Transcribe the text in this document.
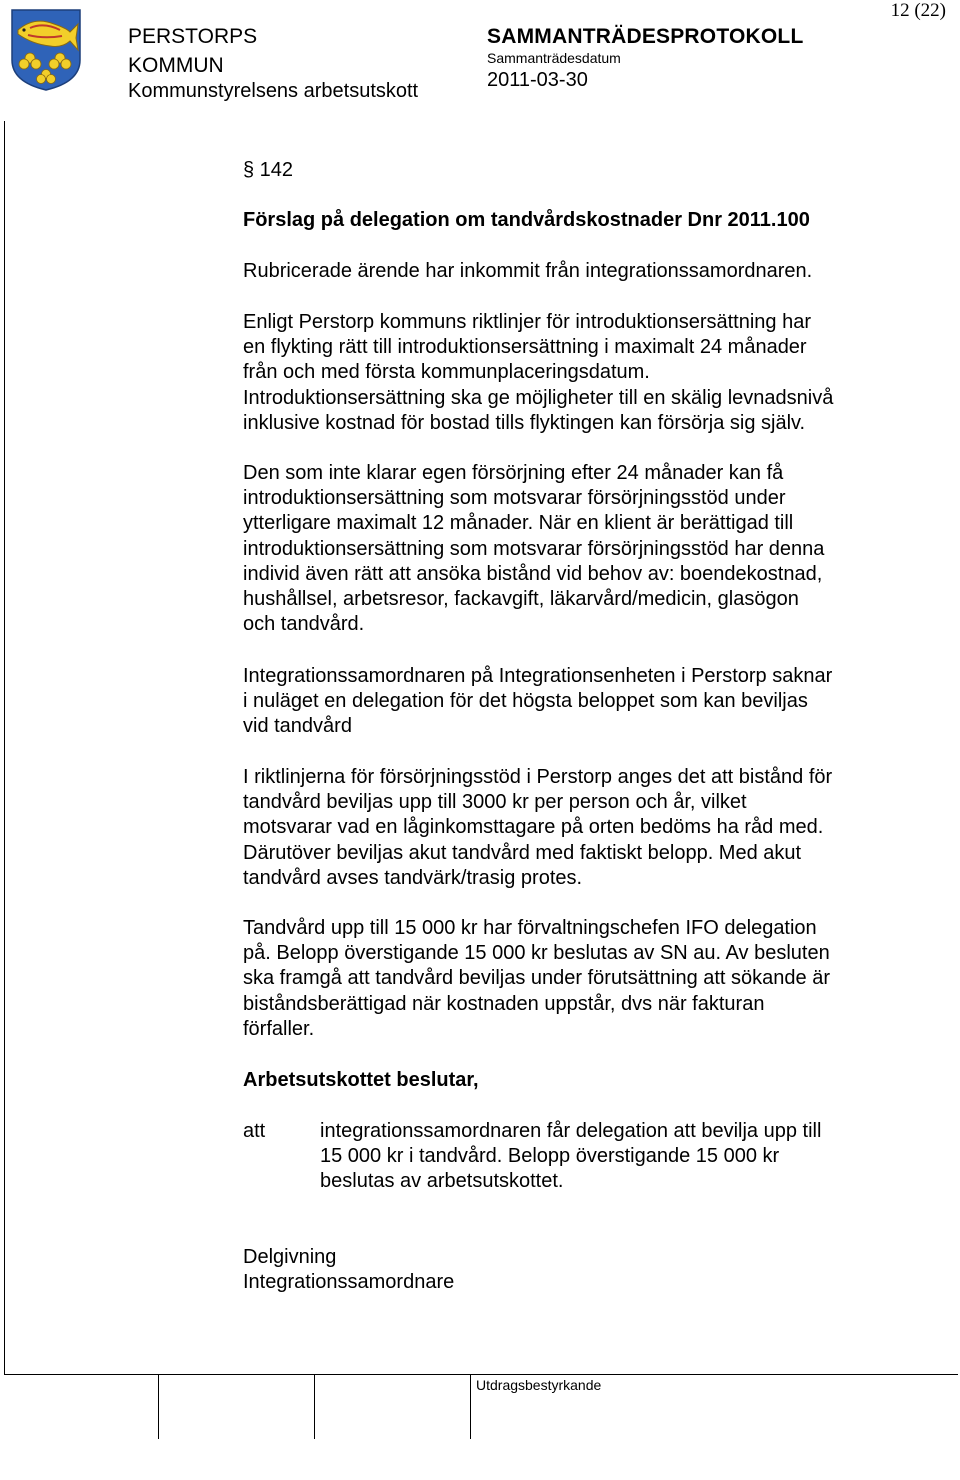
PERSTORPS
KOMMUN
Kommunstyrelsens arbetsutskott
SAMMANTRÄDESPROTOKOLL
Sammanträdesdatum
2011-03-30
12 (22)

§ 142

Förslag på delegation om tandvårdskostnader Dnr 2011.100

Rubricerade ärende har inkommit från integrationssamordnaren.

Enligt Perstorp kommuns riktlinjer för introduktionsersättning har
en flykting rätt till introduktionsersättning i maximalt 24 månader
från och med första kommunplaceringsdatum.
Introduktionsersättning ska ge möjligheter till en skälig levnadsnivå
inklusive kostnad för bostad tills flyktingen kan försörja sig själv.

Den som inte klarar egen försörjning efter 24 månader kan få
introduktionsersättning som motsvarar försörjningsstöd under
ytterligare maximalt 12 månader. När en klient är berättigad till
introduktionsersättning som motsvarar försörjningsstöd har denna
individ även rätt att ansöka bistånd vid behov av: boendekostnad,
hushållsel, arbetsresor, fackavgift, läkarvård/medicin, glasögon
och tandvård.

Integrationssamordnaren på Integrationsenheten i Perstorp saknar
i nuläget en delegation för det högsta beloppet som kan beviljas
vid tandvård

I riktlinjerna för försörjningsstöd i Perstorp anges det att bistånd för
tandvård beviljas upp till 3000 kr per person och år, vilket
motsvarar vad en låginkomsttagare på orten bedöms ha råd med.
Därutöver beviljas akut tandvård med faktiskt belopp. Med akut
tandvård avses tandvärk/trasig protes.

Tandvård upp till 15 000 kr har förvaltningschefen IFO delegation
på. Belopp överstigande 15 000 kr beslutas av SN au. Av besluten
ska framgå att tandvård beviljas under förutsättning att sökande är
biståndsberättigad när kostnaden uppstår, dvs när fakturan
förfaller.

Arbetsutskottet beslutar,

att	integrationssamordnaren får delegation att bevilja upp till
15 000 kr i tandvård. Belopp överstigande 15 000 kr
beslutas av arbetsutskottet.

Delgivning
Integrationssamordnare

Utdragsbestyrkande
